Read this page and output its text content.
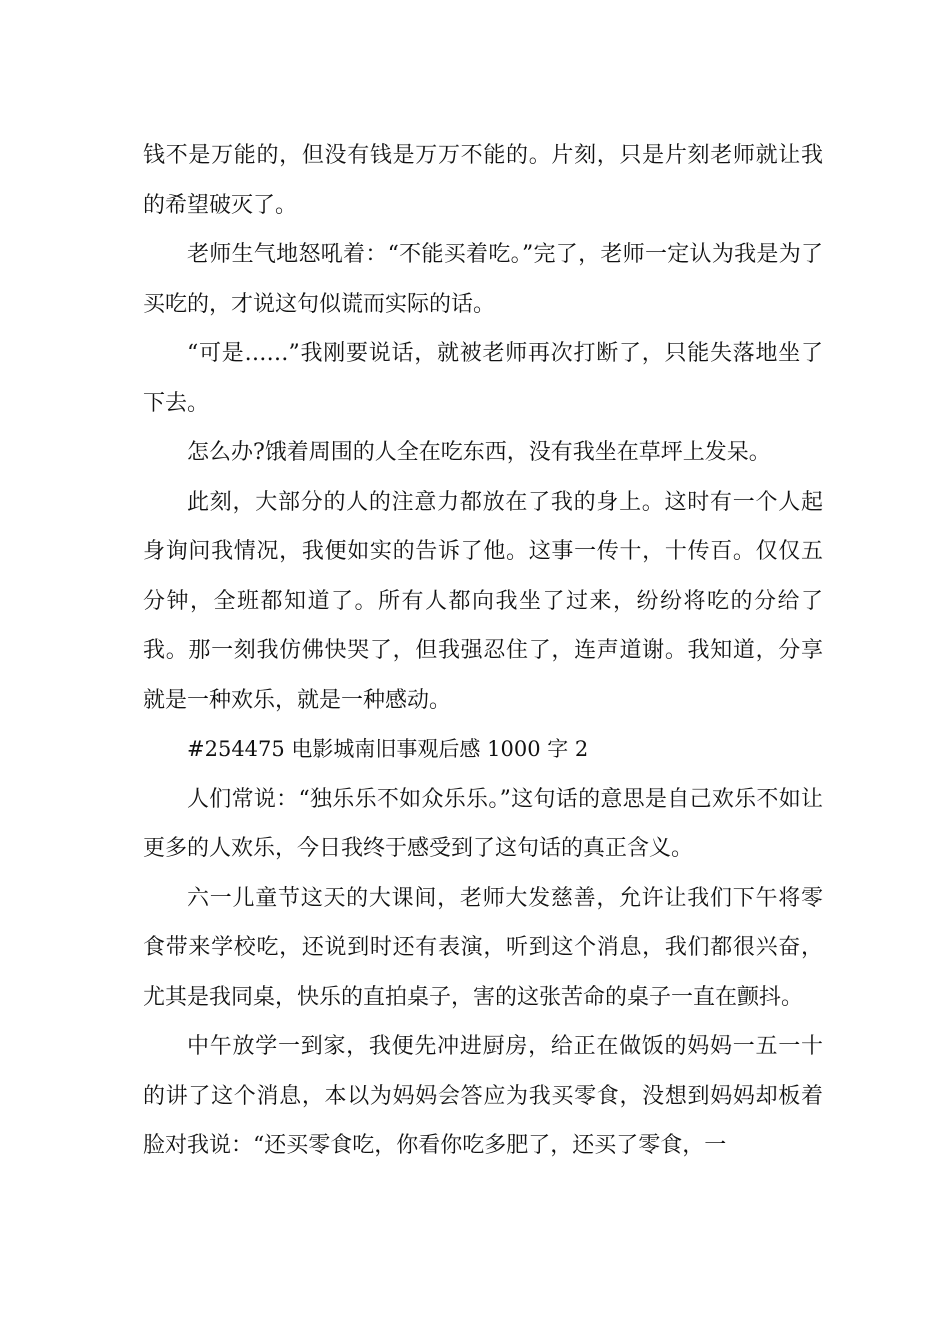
钱不是万能的，但没有钱是万万不能的。片刻，只是片刻老师就让我的希望破灭了。

老师生气地怒吼着：“不能买着吃。”完了，老师一定认为我是为了买吃的，才说这句似谎而实际的话。

“可是……”我刚要说话，就被老师再次打断了，只能失落地坐了下去。

怎么办?饿着周围的人全在吃东西，没有我坐在草坪上发呆。

此刻，大部分的人的注意力都放在了我的身上。这时有一个人起身询问我情况，我便如实的告诉了他。这事一传十，十传百。仅仅五分钟，全班都知道了。所有人都向我坐了过来，纷纷将吃的分给了我。那一刻我仿佛快哭了，但我强忍住了，连声道谢。我知道，分享就是一种欢乐，就是一种感动。

#254475 电影城南旧事观后感 1000 字 2

人们常说：“独乐乐不如众乐乐。”这句话的意思是自己欢乐不如让更多的人欢乐，今日我终于感受到了这句话的真正含义。

六一儿童节这天的大课间，老师大发慈善，允许让我们下午将零食带来学校吃，还说到时还有表演，听到这个消息，我们都很兴奋，尤其是我同桌，快乐的直拍桌子，害的这张苦命的桌子一直在颤抖。

中午放学一到家，我便先冲进厨房，给正在做饭的妈妈一五一十的讲了这个消息，本以为妈妈会答应为我买零食，没想到妈妈却板着脸对我说：“还买零食吃，你看你吃多肥了，还买了零食，一
